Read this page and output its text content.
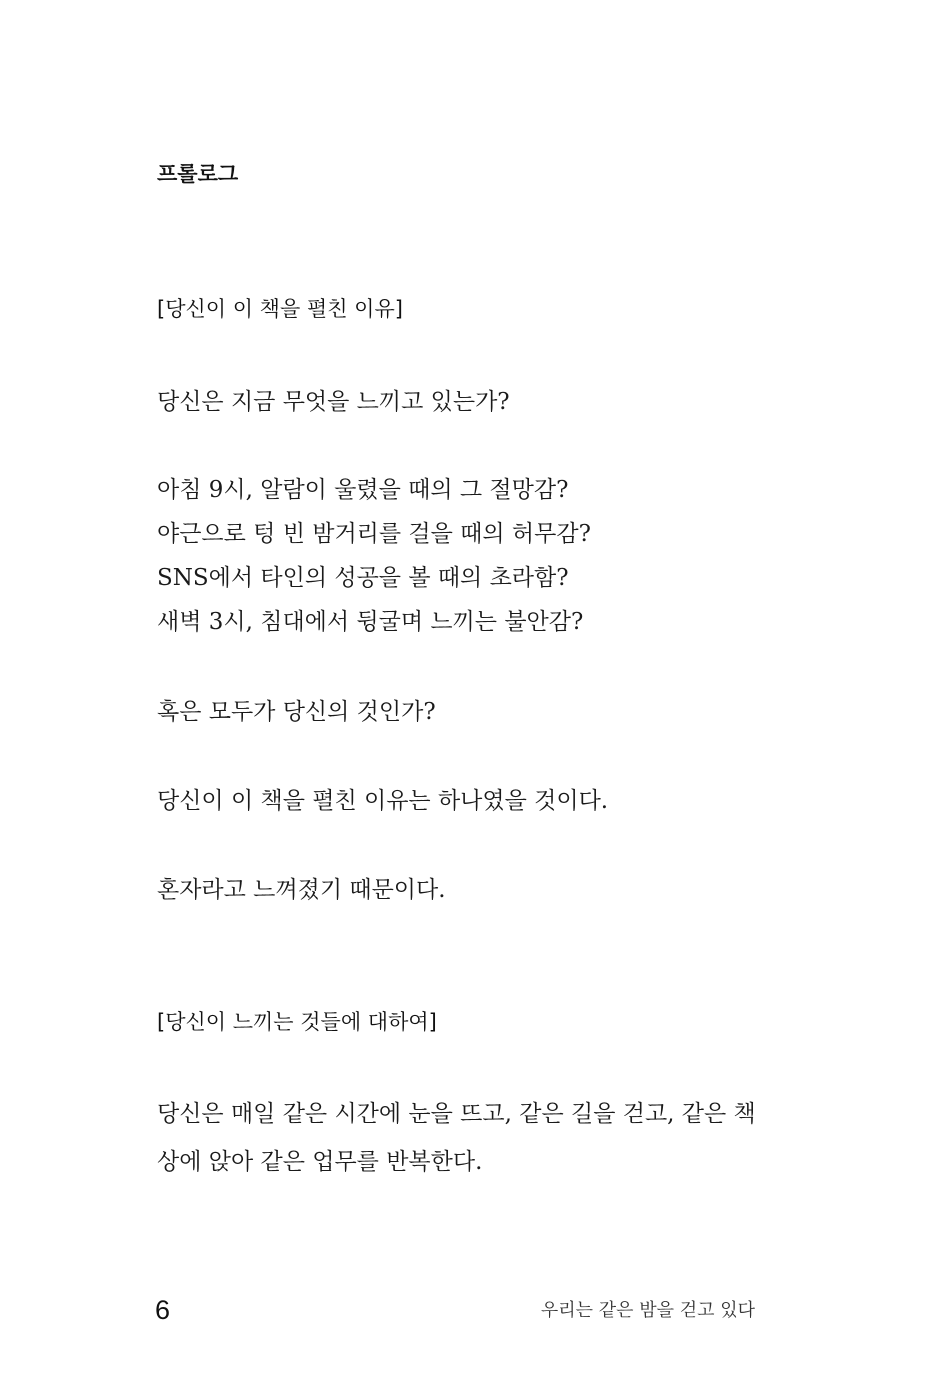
프롤로그
[당신이 이 책을 펼친 이유]

당신은 지금 무엇을 느끼고 있는가?

아침 9시, 알람이 울렸을 때의 그 절망감?
야근으로 텅 빈 밤거리를 걸을 때의 허무감?
SNS에서 타인의 성공을 볼 때의 초라함?
새벽 3시, 침대에서 뒹굴며 느끼는 불안감?

혹은 모두가 당신의 것인가?

당신이 이 책을 펼친 이유는 하나였을 것이다.

혼자라고 느껴졌기 때문이다.

[당신이 느끼는 것들에 대하여]

당신은 매일 같은 시간에 눈을 뜨고, 같은 길을 걷고, 같은 책상에 앉아 같은 업무를 반복한다.

6	우리는 같은 밤을 걷고 있다
